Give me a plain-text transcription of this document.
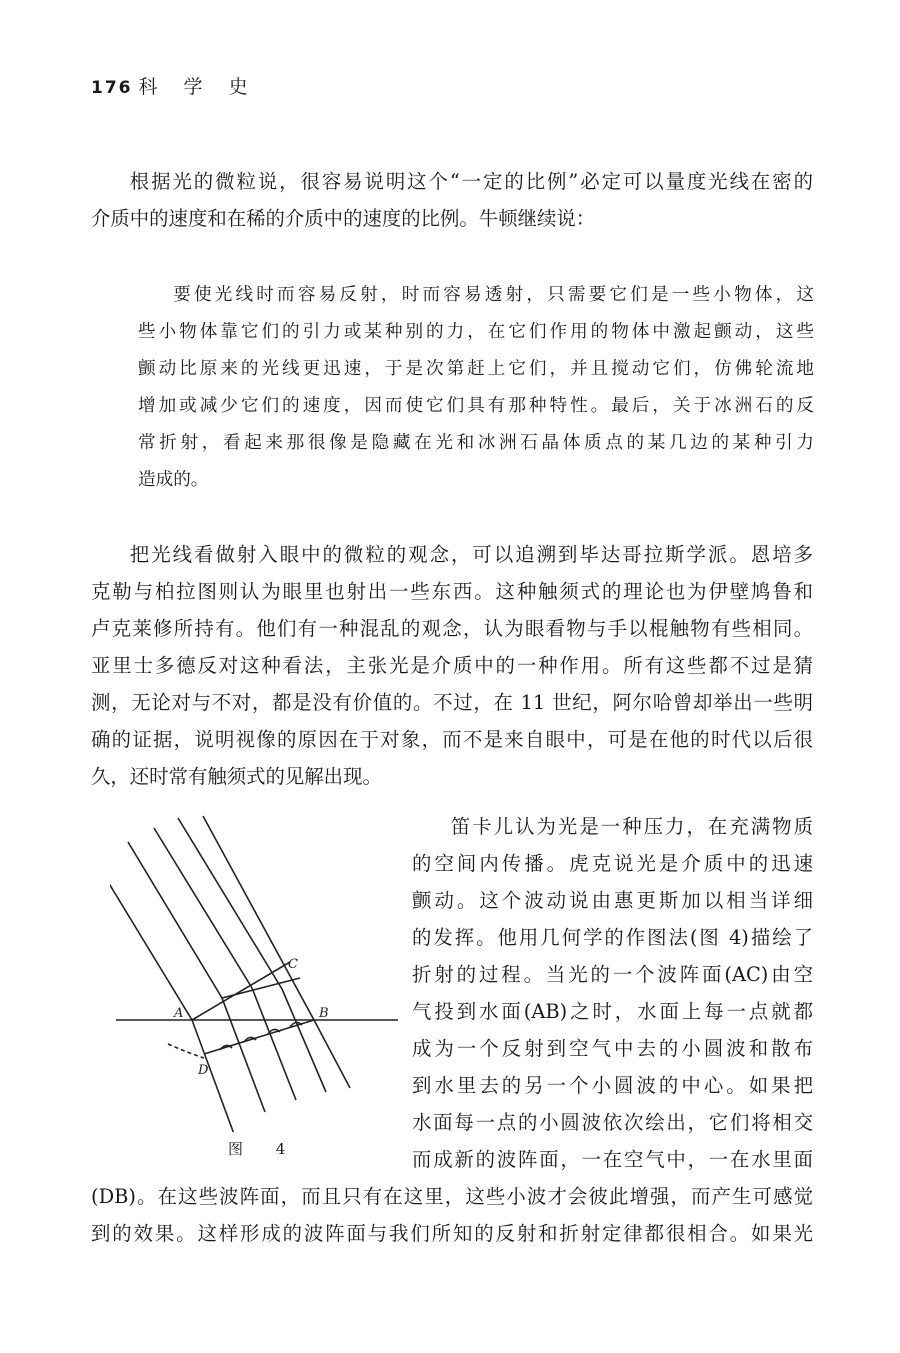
176 科 学 史
根据光的微粒说，很容易说明这个“一定的比例”必定可以量度光线在密的
介质中的速度和在稀的介质中的速度的比例。牛顿继续说：
要使光线时而容易反射，时而容易透射，只需要它们是一些小物体，这
些小物体靠它们的引力或某种别的力，在它们作用的物体中激起颤动，这些
颤动比原来的光线更迅速，于是次第赶上它们，并且搅动它们，仿佛轮流地
增加或减少它们的速度，因而使它们具有那种特性。最后，关于冰洲石的反
常折射，看起来那很像是隐藏在光和冰洲石晶体质点的某几边的某种引力
造成的。
把光线看做射入眼中的微粒的观念，可以追溯到毕达哥拉斯学派。恩培多
克勒与柏拉图则认为眼里也射出一些东西。这种触须式的理论也为伊壁鸠鲁和
卢克莱修所持有。他们有一种混乱的观念，认为眼看物与手以棍触物有些相同。
亚里士多德反对这种看法，主张光是介质中的一种作用。所有这些都不过是猜
测，无论对与不对，都是没有价值的。不过，在 11 世纪，阿尔哈曾却举出一些明
确的证据，说明视像的原因在于对象，而不是来自眼中，可是在他的时代以后很
久，还时常有触须式的见解出现。
笛卡儿认为光是一种压力，在充满物质
的空间内传播。虎克说光是介质中的迅速
颤动。这个波动说由惠更斯加以相当详细
的发挥。他用几何学的作图法(图 4)描绘了
折射的过程。当光的一个波阵面(AC)由空
气投到水面(AB)之时，水面上每一点就都
成为一个反射到空气中去的小圆波和散布
到水里去的另一个小圆波的中心。如果把
水面每一点的小圆波依次绘出，它们将相交
而成新的波阵面，一在空气中，一在水里面
(DB)。在这些波阵面，而且只有在这里，这些小波才会彼此增强，而产生可感觉
到的效果。这样形成的波阵面与我们所知的反射和折射定律都很相合。如果光
A	B
C
D
图 4
